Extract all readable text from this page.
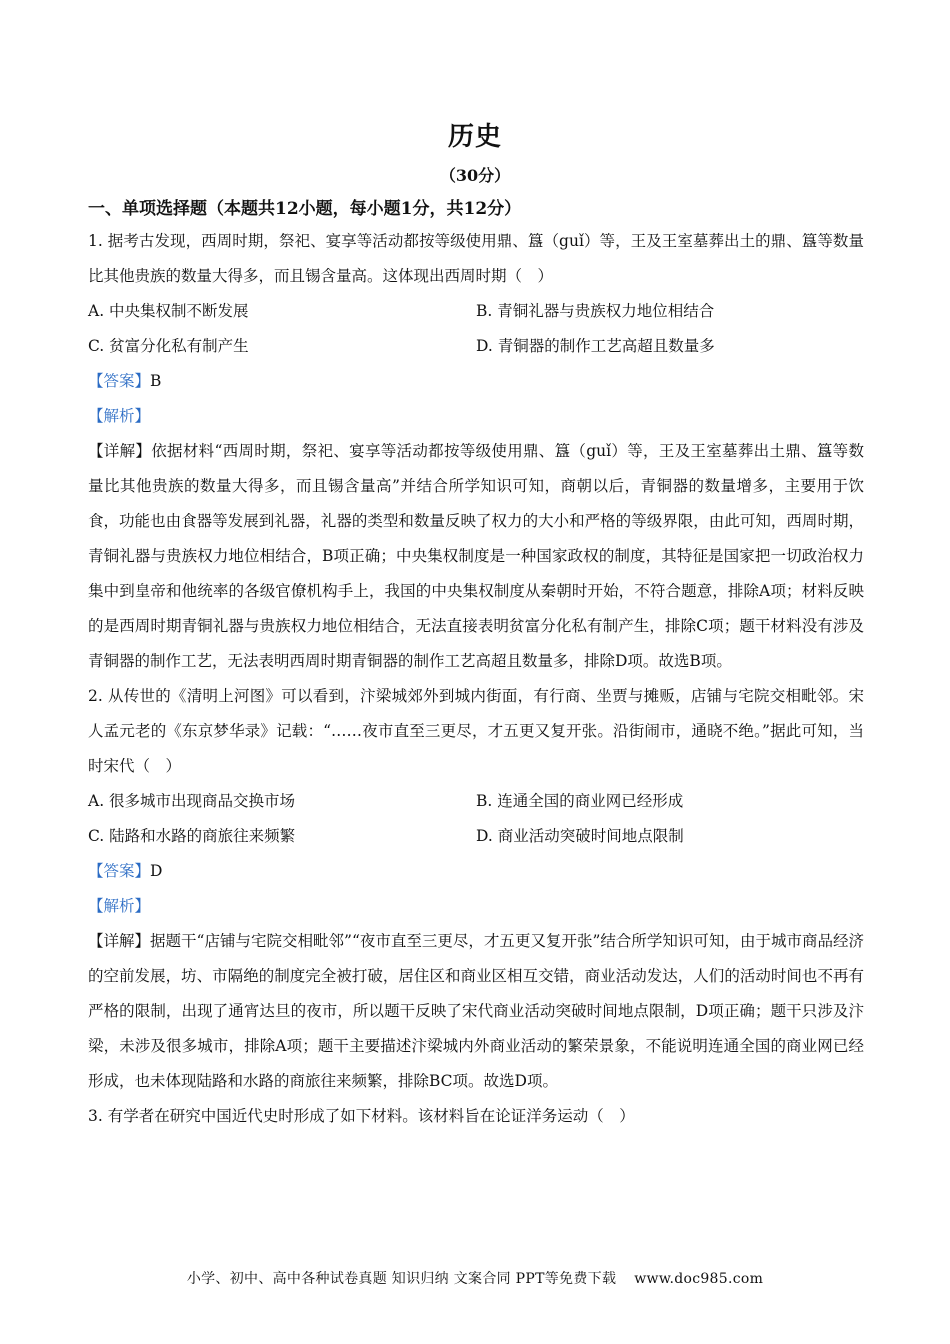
历史
（30分）
一、单项选择题（本题共12小题，每小题1分，共12分）

1. 据考古发现，西周时期，祭祀、宴享等活动都按等级使用鼎、簋（guǐ）等，王及王室墓葬出土的鼎、簋等数量比其他贵族的数量大得多，而且锡含量高。这体现出西周时期（　）

A. 中央集权制不断发展	B. 青铜礼器与贵族权力地位相结合
C. 贫富分化私有制产生	D. 青铜器的制作工艺高超且数量多

【答案】B

【解析】

【详解】依据材料“西周时期，祭祀、宴享等活动都按等级使用鼎、簋（guǐ）等，王及王室墓葬出土鼎、簋等数量比其他贵族的数量大得多，而且锡含量高”并结合所学知识可知，商朝以后，青铜器的数量增多，主要用于饮食，功能也由食器等发展到礼器，礼器的类型和数量反映了权力的大小和严格的等级界限，由此可知，西周时期，青铜礼器与贵族权力地位相结合，B项正确；中央集权制度是一种国家政权的制度，其特征是国家把一切政治权力集中到皇帝和他统率的各级官僚机构手上，我国的中央集权制度从秦朝时开始，不符合题意，排除A项；材料反映的是西周时期青铜礼器与贵族权力地位相结合，无法直接表明贫富分化私有制产生，排除C项；题干材料没有涉及青铜器的制作工艺，无法表明西周时期青铜器的制作工艺高超且数量多，排除D项。故选B项。

2. 从传世的《清明上河图》可以看到，汴梁城郊外到城内街面，有行商、坐贾与摊贩，店铺与宅院交相毗邻。宋人孟元老的《东京梦华录》记载：“……夜市直至三更尽，才五更又复开张。沿街闹市，通晓不绝。”据此可知，当时宋代（　）

A. 很多城市出现商品交换市场	B. 连通全国的商业网已经形成
C. 陆路和水路的商旅往来频繁	D. 商业活动突破时间地点限制

【答案】D

【解析】

【详解】据题干“店铺与宅院交相毗邻”“夜市直至三更尽，才五更又复开张”结合所学知识可知，由于城市商品经济的空前发展，坊、市隔绝的制度完全被打破，居住区和商业区相互交错，商业活动发达，人们的活动时间也不再有严格的限制，出现了通宵达旦的夜市，所以题干反映了宋代商业活动突破时间地点限制，D项正确；题干只涉及汴梁，未涉及很多城市，排除A项；题干主要描述汴梁城内外商业活动的繁荣景象，不能说明连通全国的商业网已经形成，也未体现陆路和水路的商旅往来频繁，排除BC项。故选D项。

3. 有学者在研究中国近代史时形成了如下材料。该材料旨在论证洋务运动（　）

小学、初中、高中各种试卷真题 知识归纳 文案合同 PPT等免费下载 www.doc985.com
